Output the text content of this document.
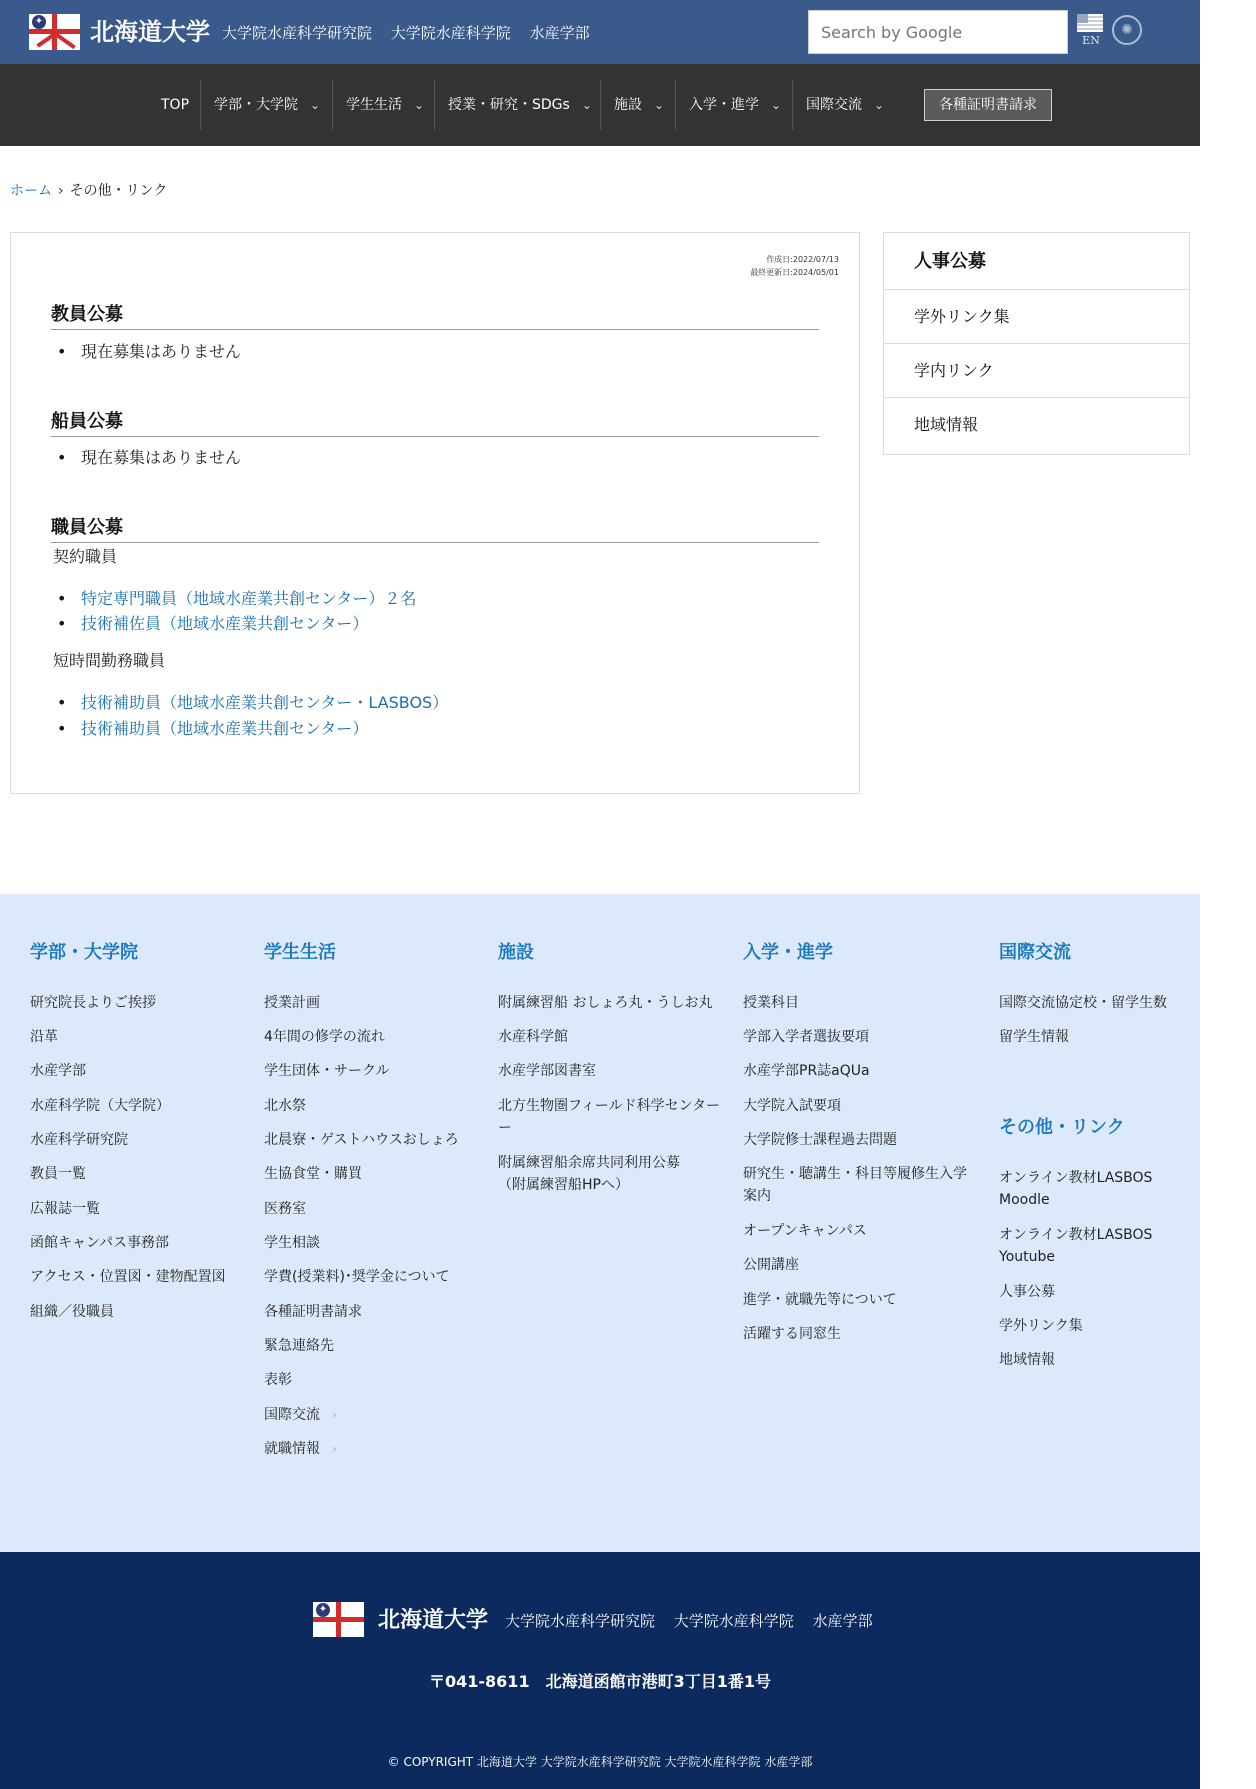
✦ 北海道大学 大学院水産科学研究院 大学院水産科学院 水産学部
Search by Google	EN
✺
TOP 学部・大学院 ⌄ 学生生活 ⌄ 授業・研究・SDGs ⌄ 施設 ⌄ 入学・進学 ⌄ 国際交流 ⌄	各種証明書請求
ホーム › その他・リンク
作成日:2022/07/13
最終更新日:2024/05/01
教員公募
現在募集はありません
船員公募
現在募集はありません
職員公募
契約職員
特定専門職員（地域水産業共創センター）２名
技術補佐員（地域水産業共創センター）
短時間勤務職員
技術補助員（地域水産業共創センター・LASBOS）
技術補助員（地域水産業共創センター）
人事公募
学外リンク集
学内リンク
地域情報
学部・大学院
研究院長よりご挨拶
沿革
水産学部
水産科学院（大学院）
水産科学研究院
教員一覧
広報誌一覧
函館キャンパス事務部
アクセス・位置図・建物配置図
組織／役職員
学生生活
授業計画
4年間の修学の流れ
学生団体・サークル
北水祭
北晨寮・ゲストハウスおしょろ
生協食堂・購買
医務室
学生相談
学費(授業料)･奨学金について
各種証明書請求
緊急連絡先
表彰
国際交流 ›
就職情報 ›
施設
附属練習船 おしょろ丸・うしお丸
水産科学館
水産学部図書室
北方生物圏フィールド科学センター
ー
附属練習船余席共同利用公募
（附属練習船HPへ）
入学・進学
授業科目
学部入学者選抜要項
水産学部PR誌aQUa
大学院入試要項
大学院修士課程過去問題
研究生・聴講生・科目等履修生入学
案内
オープンキャンパス
公開講座
進学・就職先等について
活躍する同窓生
国際交流
国際交流協定校・留学生数
留学生情報
その他・リンク
オンライン教材LASBOS
Moodle
オンライン教材LASBOS
Youtube
人事公募
学外リンク集
地域情報
✦ 北海道大学 大学院水産科学研究院 大学院水産科学院 水産学部
〒041-8611　北海道函館市港町3丁目1番1号
© COPYRIGHT 北海道大学 大学院水産科学研究院 大学院水産科学院 水産学部
